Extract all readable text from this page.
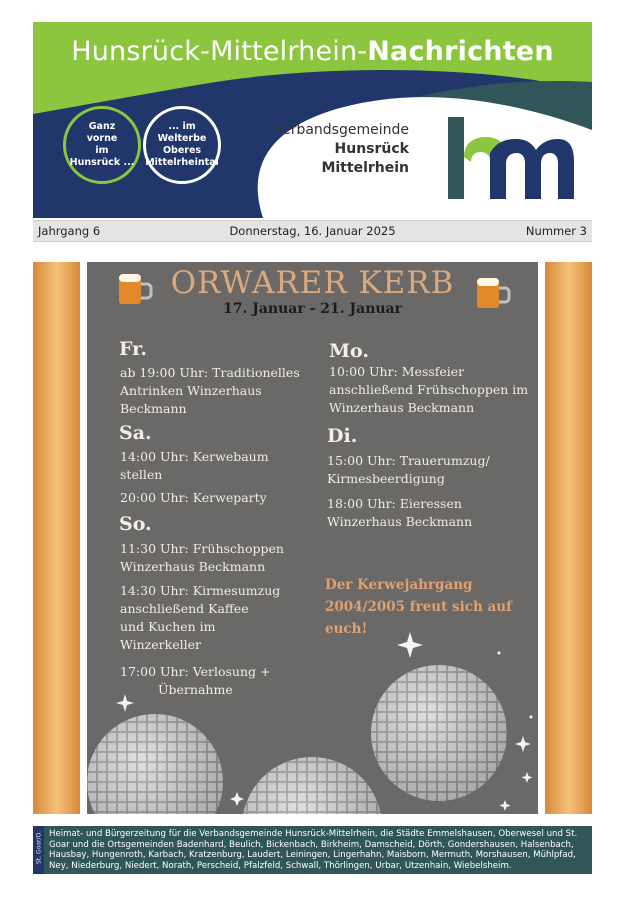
Hunsrück-Mittelrhein-Nachrichten
Ganz
vorne
im
Hunsrück ...
... im
Welterbe
Oberes
Mittelrheintal
Verbandsgemeinde
Hunsrück
Mittelrhein
hm
Jahrgang 6	Donnerstag, 16. Januar 2025	Nummer 3
ORWARER KERB
17. Januar - 21. Januar
Fr.
ab 19:00 Uhr: Traditionelles
Antrinken Winzerhaus
Beckmann
Sa.
14:00 Uhr: Kerwebaum
stellen
20:00 Uhr: Kerweparty
So.
11:30 Uhr: Frühschoppen
Winzerhaus Beckmann
14:30 Uhr: Kirmesumzug
anschließend Kaffee
und Kuchen im
Winzerkeller
17:00 Uhr: Verlosung +
Übernahme
Mo.
10:00 Uhr: Messfeier
anschließend Frühschoppen im
Winzerhaus Beckmann
Di.
15:00 Uhr: Trauerumzug/
Kirmesbeerdigung
18:00 Uhr: Eieressen
Winzerhaus Beckmann
Der Kerwejahrgang
2004/2005 freut sich auf
euch!
St. Goar/O. Heimat- und Bürgerzeitung für die Verbandsgemeinde Hunsrück-Mittelrhein, die Städte Emmelshausen, Oberwesel und St. Goar und die Ortsgemeinden Badenhard, Beulich, Bickenbach, Birkheim, Damscheid, Dörth, Gondershausen, Halsenbach, Hausbay, Hungenroth, Karbach, Kratzenburg, Laudert, Leiningen, Lingerhahn, Maisborn, Mermuth, Morshausen, Mühlpfad, Ney, Niederburg, Niedert, Norath, Perscheid, Pfalzfeld, Schwall, Thörlingen, Urbar, Utzenhain, Wiebelsheim.
